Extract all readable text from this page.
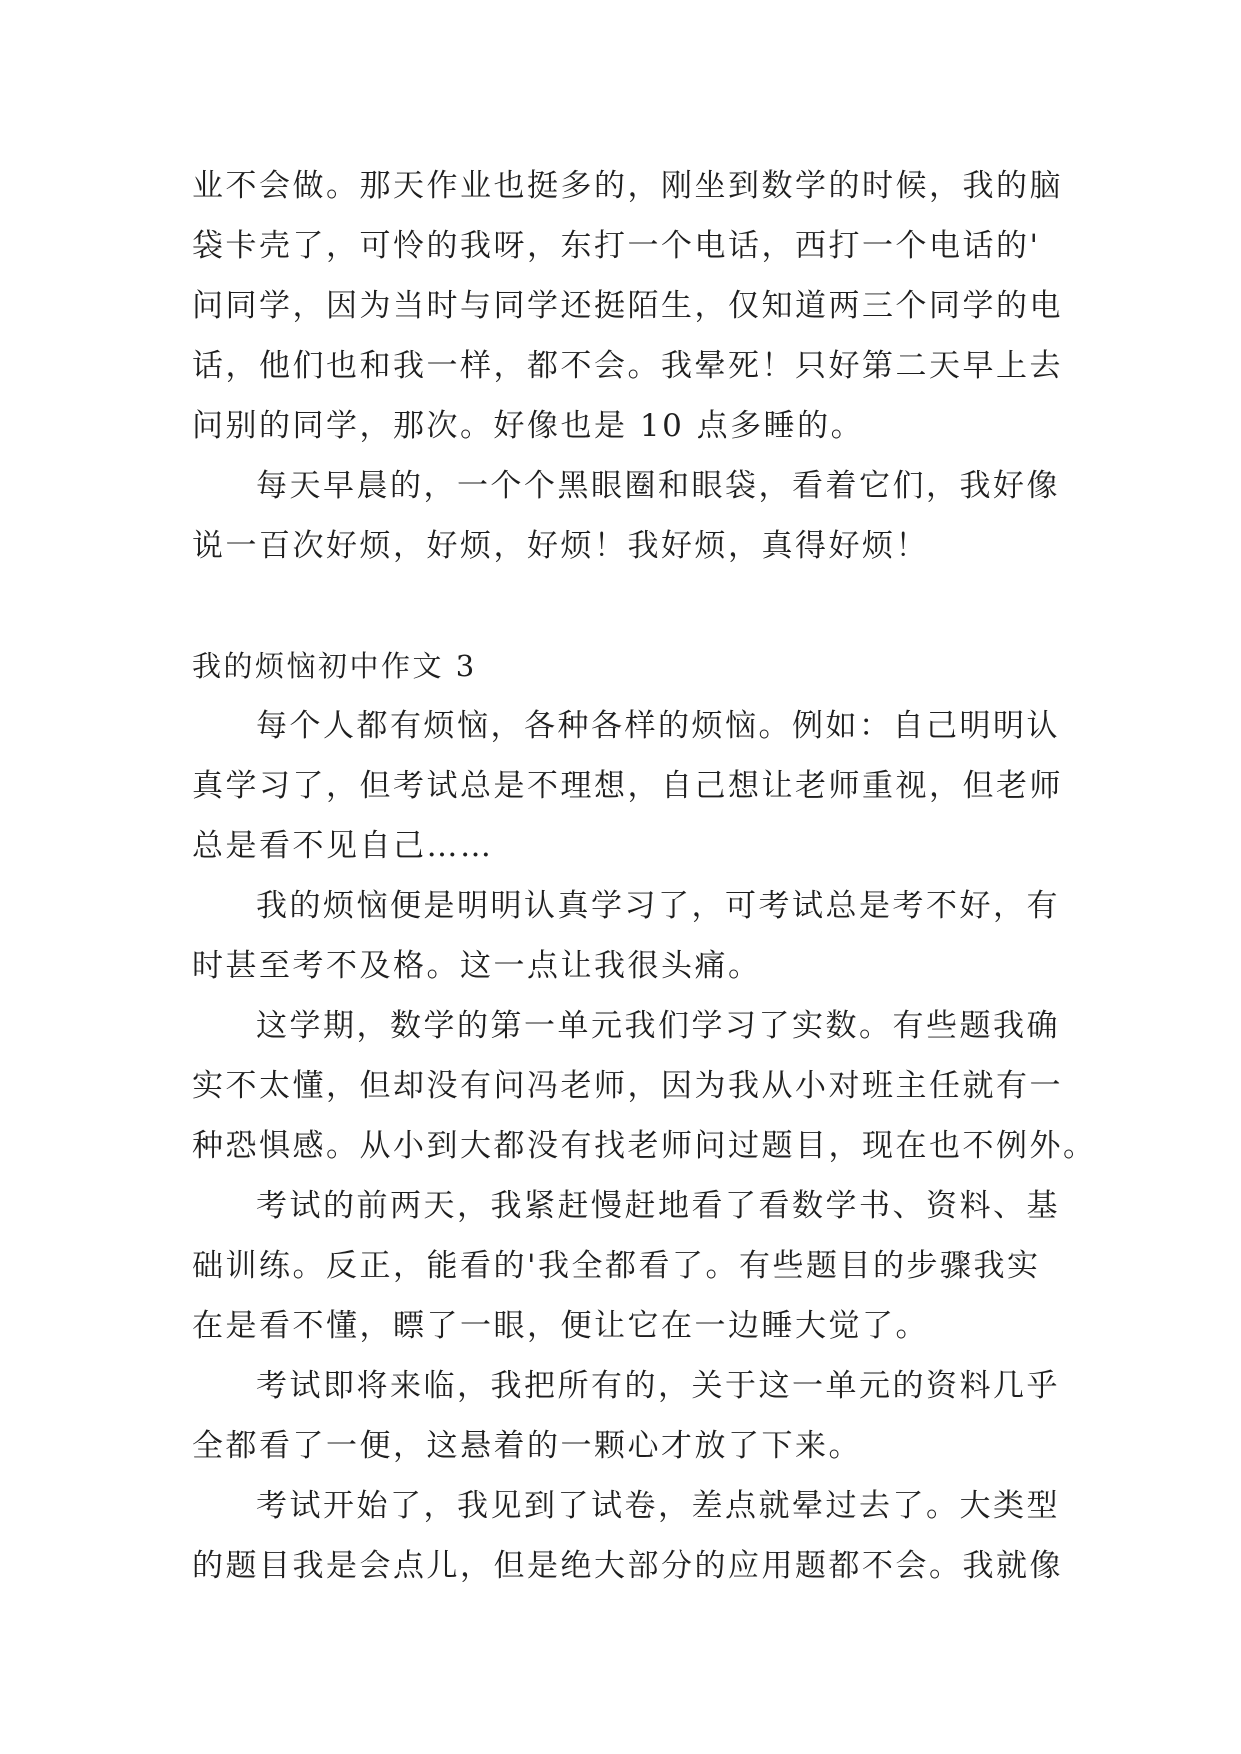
业不会做。那天作业也挺多的，刚坐到数学的时候，我的脑
袋卡壳了，可怜的我呀，东打一个电话，西打一个电话的'
问同学，因为当时与同学还挺陌生，仅知道两三个同学的电
话，他们也和我一样，都不会。我晕死！只好第二天早上去
问别的同学，那次。好像也是 10 点多睡的。
每天早晨的，一个个黑眼圈和眼袋，看着它们，我好像
说一百次好烦，好烦，好烦！我好烦，真得好烦！
我的烦恼初中作文 3
每个人都有烦恼，各种各样的烦恼。例如：自己明明认
真学习了，但考试总是不理想，自己想让老师重视，但老师
总是看不见自己……
我的烦恼便是明明认真学习了，可考试总是考不好，有
时甚至考不及格。这一点让我很头痛。
这学期，数学的第一单元我们学习了实数。有些题我确
实不太懂，但却没有问冯老师，因为我从小对班主任就有一
种恐惧感。从小到大都没有找老师问过题目，现在也不例外。
考试的前两天，我紧赶慢赶地看了看数学书、资料、基
础训练。反正，能看的'我全都看了。有些题目的步骤我实
在是看不懂，瞟了一眼，便让它在一边睡大觉了。
考试即将来临，我把所有的，关于这一单元的资料几乎
全都看了一便，这悬着的一颗心才放了下来。
考试开始了，我见到了试卷，差点就晕过去了。大类型
的题目我是会点儿，但是绝大部分的应用题都不会。我就像
